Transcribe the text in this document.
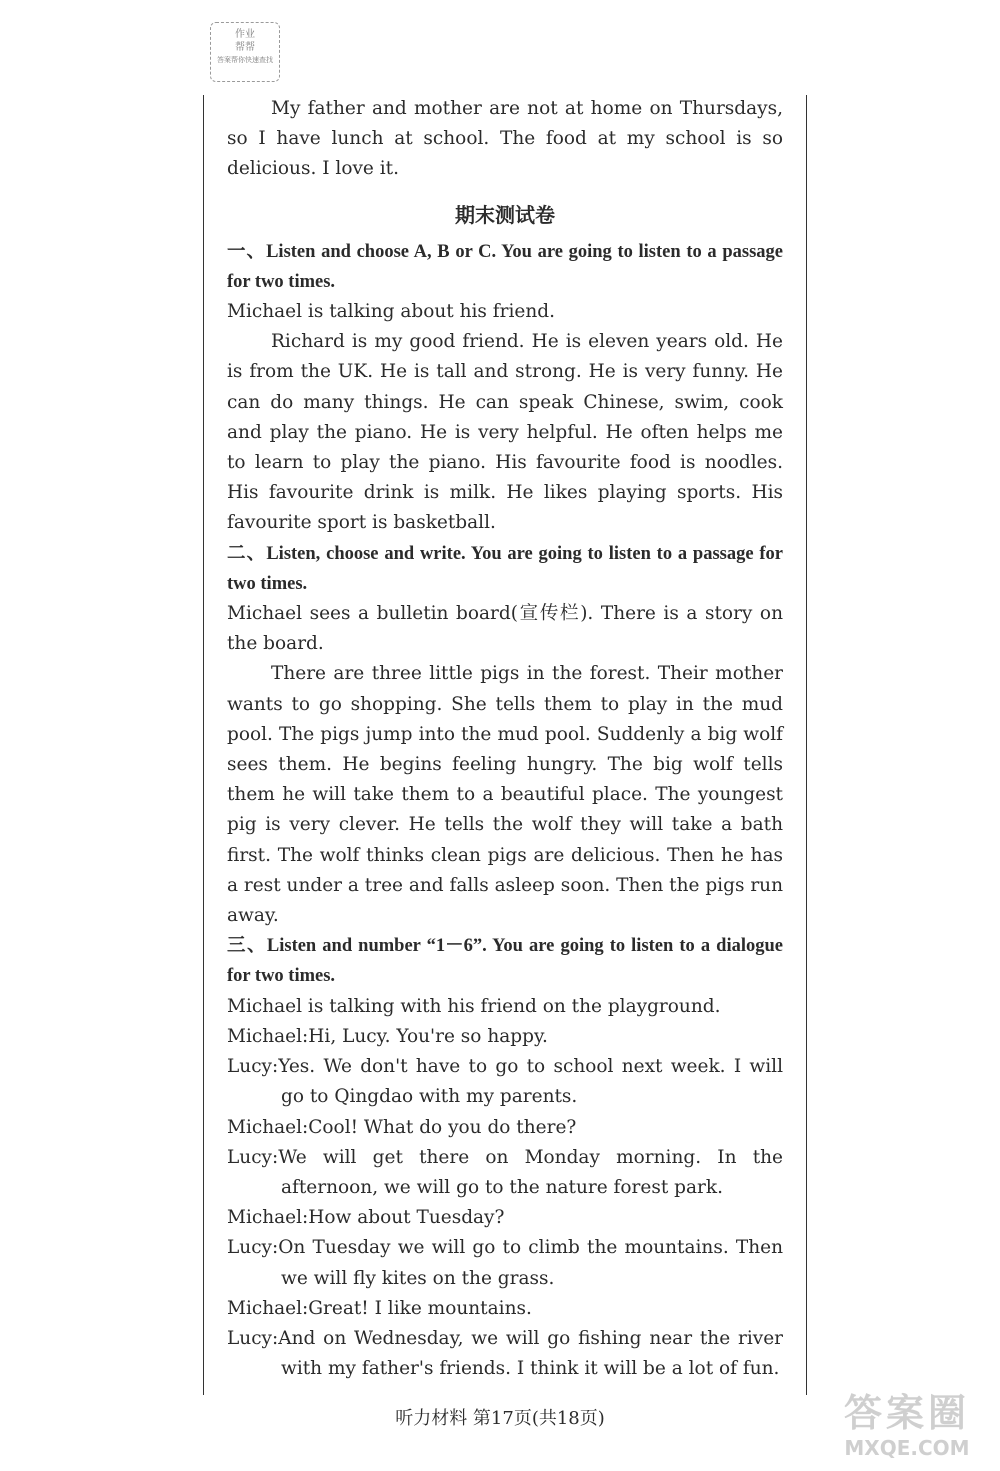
作业
帮帮
答案帮你快速查找

My father and mother are not at home on Thursdays, so I have lunch at school. The food at my school is so delicious. I love it.

期末测试卷

一、Listen and choose A, B or C. You are going to listen to a passage for two times.

Michael is talking about his friend.

Richard is my good friend. He is eleven years old. He is from the UK. He is tall and strong. He is very funny. He can do many things. He can speak Chinese, swim, cook and play the piano. He is very helpful. He often helps me to learn to play the piano. His favourite food is noodles. His favourite drink is milk. He likes playing sports. His favourite sport is basketball.

二、Listen, choose and write. You are going to listen to a passage for two times.

Michael sees a bulletin board(宣传栏). There is a story on the board.

There are three little pigs in the forest. Their mother wants to go shopping. She tells them to play in the mud pool. The pigs jump into the mud pool. Suddenly a big wolf sees them. He begins feeling hungry. The big wolf tells them he will take them to a beautiful place. The youngest pig is very clever. He tells the wolf they will take a bath first. The wolf thinks clean pigs are delicious. Then he has a rest under a tree and falls asleep soon. Then the pigs run away.

三、Listen and number “1－6”. You are going to listen to a dialogue for two times.

Michael is talking with his friend on the playground.

Michael:Hi, Lucy. You're so happy.

Lucy:Yes. We don't have to go to school next week. I will go to Qingdao with my parents.

Michael:Cool! What do you do there?

Lucy:We will get there on Monday morning. In the afternoon, we will go to the nature forest park.

Michael:How about Tuesday?

Lucy:On Tuesday we will go to climb the mountains. Then we will fly kites on the grass.

Michael:Great! I like mountains.

Lucy:And on Wednesday, we will go fishing near the river with my father's friends. I think it will be a lot of fun.

听力材料 第17页(共18页)	答案圈
MXQE.COM
